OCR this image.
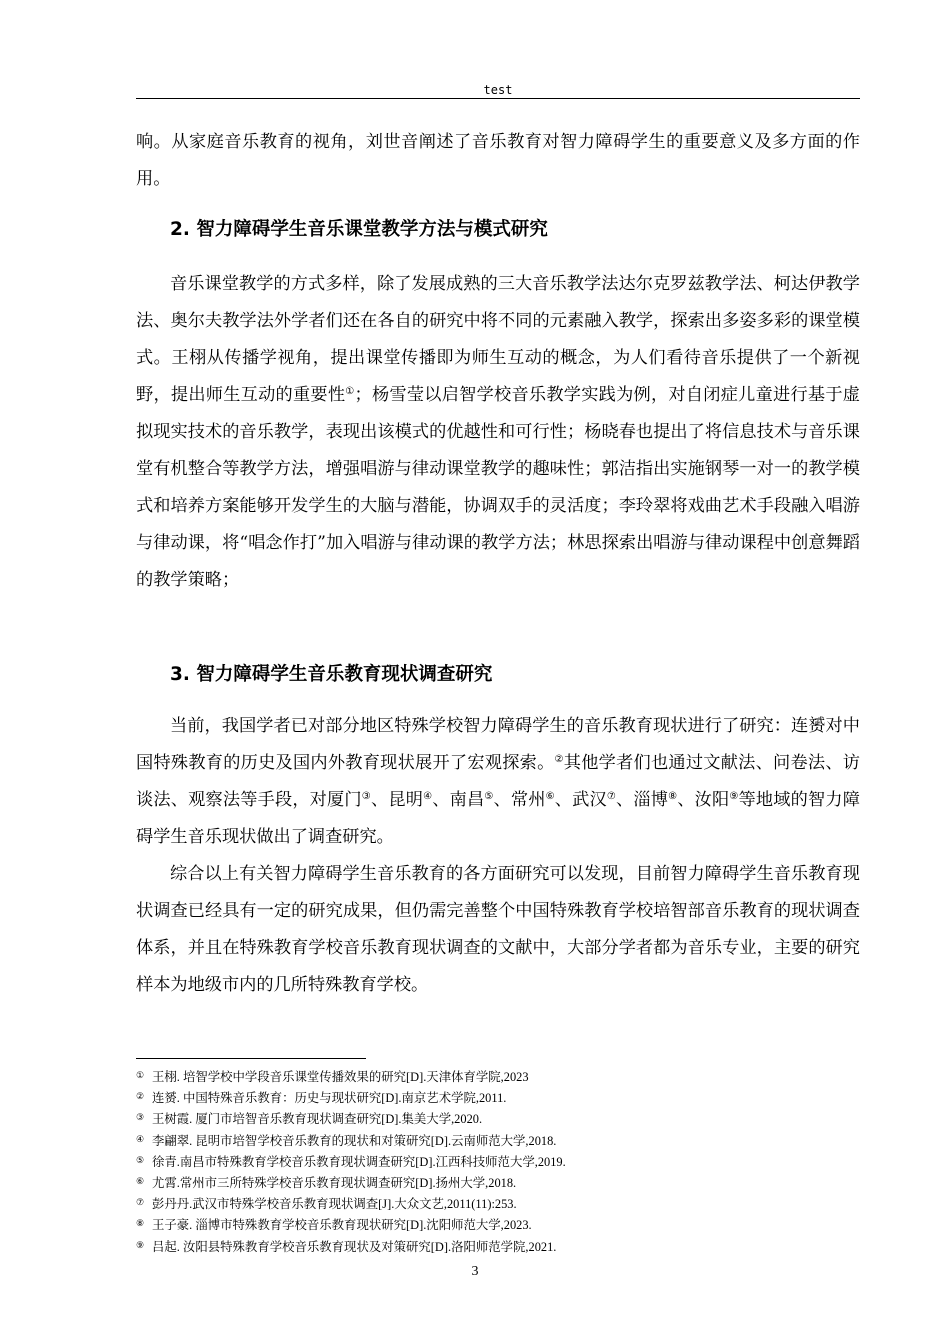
test

响。从家庭音乐教育的视角，刘世音阐述了音乐教育对智力障碍学生的重要意义及多方面的作用。

2. 智力障碍学生音乐课堂教学方法与模式研究

音乐课堂教学的方式多样，除了发展成熟的三大音乐教学法达尔克罗兹教学法、柯达伊教学法、奥尔夫教学法外学者们还在各自的研究中将不同的元素融入教学，探索出多姿多彩的课堂模式。王栩从传播学视角，提出课堂传播即为师生互动的概念，为人们看待音乐提供了一个新视野，提出师生互动的重要性①；杨雪莹以启智学校音乐教学实践为例，对自闭症儿童进行基于虚拟现实技术的音乐教学，表现出该模式的优越性和可行性；杨晓春也提出了将信息技术与音乐课堂有机整合等教学方法，增强唱游与律动课堂教学的趣味性；郭洁指出实施钢琴一对一的教学模式和培养方案能够开发学生的大脑与潜能，协调双手的灵活度；李玲翠将戏曲艺术手段融入唱游与律动课，将“唱念作打”加入唱游与律动课的教学方法；林思探索出唱游与律动课程中创意舞蹈的教学策略；

3. 智力障碍学生音乐教育现状调查研究

当前，我国学者已对部分地区特殊学校智力障碍学生的音乐教育现状进行了研究：连赟对中国特殊教育的历史及国内外教育现状展开了宏观探索。②其他学者们也通过文献法、问卷法、访谈法、观察法等手段，对厦门③、昆明④、南昌⑤、常州⑥、武汉⑦、淄博⑧、汝阳⑨等地域的智力障碍学生音乐现状做出了调查研究。

综合以上有关智力障碍学生音乐教育的各方面研究可以发现，目前智力障碍学生音乐教育现状调查已经具有一定的研究成果，但仍需完善整个中国特殊教育学校培智部音乐教育的现状调查体系，并且在特殊教育学校音乐教育现状调查的文献中，大部分学者都为音乐专业，主要的研究样本为地级市内的几所特殊教育学校。

① 王栩. 培智学校中学段音乐课堂传播效果的研究[D].天津体育学院,2023
② 连赟. 中国特殊音乐教育：历史与现状研究[D].南京艺术学院,2011.
③ 王树霞. 厦门市培智音乐教育现状调查研究[D].集美大学,2020.
④ 李翩翠. 昆明市培智学校音乐教育的现状和对策研究[D].云南师范大学,2018.
⑤ 徐青.南昌市特殊教育学校音乐教育现状调查研究[D].江西科技师范大学,2019.
⑥ 尤霄.常州市三所特殊学校音乐教育现状调查研究[D].扬州大学,2018.
⑦ 彭丹丹.武汉市特殊学校音乐教育现状调查[J].大众文艺,2011(11):253.
⑧ 王子豪. 淄博市特殊教育学校音乐教育现状研究[D].沈阳师范大学,2023.
⑨ 吕起. 汝阳县特殊教育学校音乐教育现状及对策研究[D].洛阳师范学院,2021.
3
